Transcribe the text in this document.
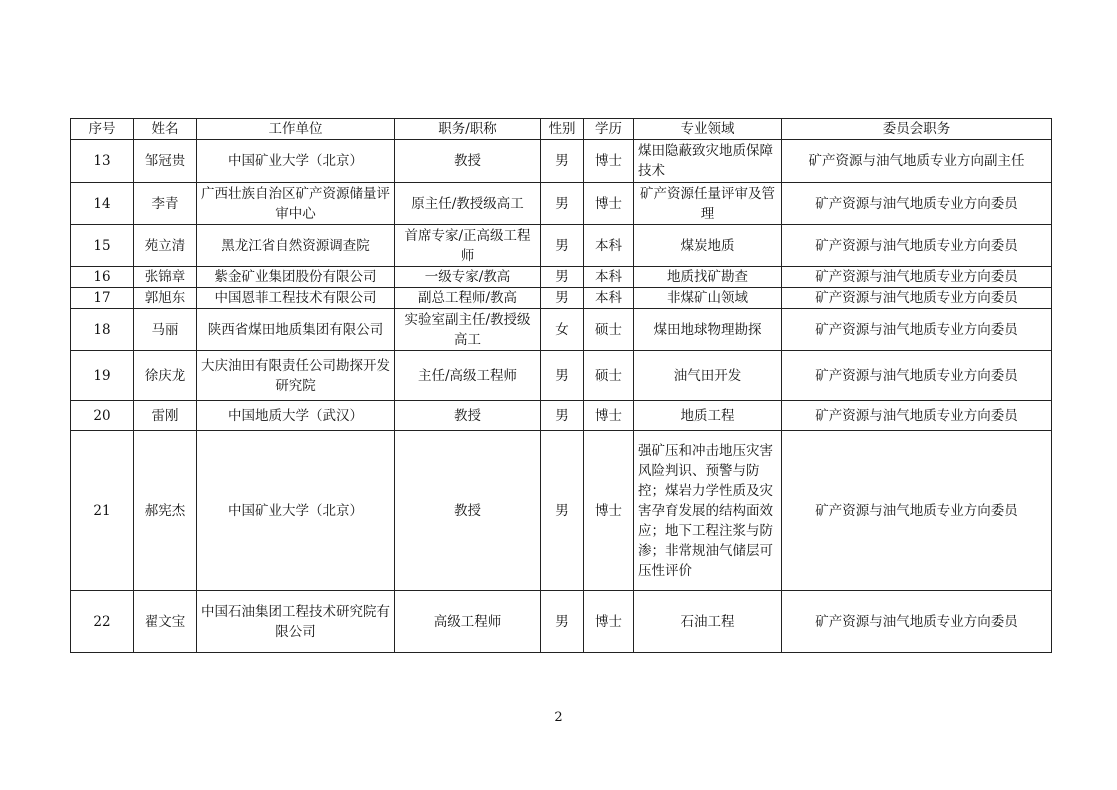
序号	姓名	工作单位	职务/职称	性别	学历	专业领域	委员会职务
13	邹冠贵	中国矿业大学（北京）	教授	男	博士	煤田隐蔽致灾地质保障技术	矿产资源与油气地质专业方向副主任
14	李青	广西壮族自治区矿产资源储量评审中心	原主任/教授级高工	男	博士	矿产资源任量评审及管理	矿产资源与油气地质专业方向委员
15	苑立清	黑龙江省自然资源调查院	首席专家/正高级工程师	男	本科	煤炭地质	矿产资源与油气地质专业方向委员
16	张锦章	紫金矿业集团股份有限公司	一级专家/教高	男	本科	地质找矿勘查	矿产资源与油气地质专业方向委员
17	郭旭东	中国恩菲工程技术有限公司	副总工程师/教高	男	本科	非煤矿山领域	矿产资源与油气地质专业方向委员
18	马丽	陕西省煤田地质集团有限公司	实验室副主任/教授级高工	女	硕士	煤田地球物理勘探	矿产资源与油气地质专业方向委员
19	徐庆龙	大庆油田有限责任公司勘探开发研究院	主任/高级工程师	男	硕士	油气田开发	矿产资源与油气地质专业方向委员
20	雷刚	中国地质大学（武汉）	教授	男	博士	地质工程	矿产资源与油气地质专业方向委员
21	郝宪杰	中国矿业大学（北京）	教授	男	博士	强矿压和冲击地压灾害风险判识、预警与防控；煤岩力学性质及灾害孕育发展的结构面效应；地下工程注浆与防渗；非常规油气储层可压性评价	矿产资源与油气地质专业方向委员
22	翟文宝	中国石油集团工程技术研究院有限公司	高级工程师	男	博士	石油工程	矿产资源与油气地质专业方向委员
2
